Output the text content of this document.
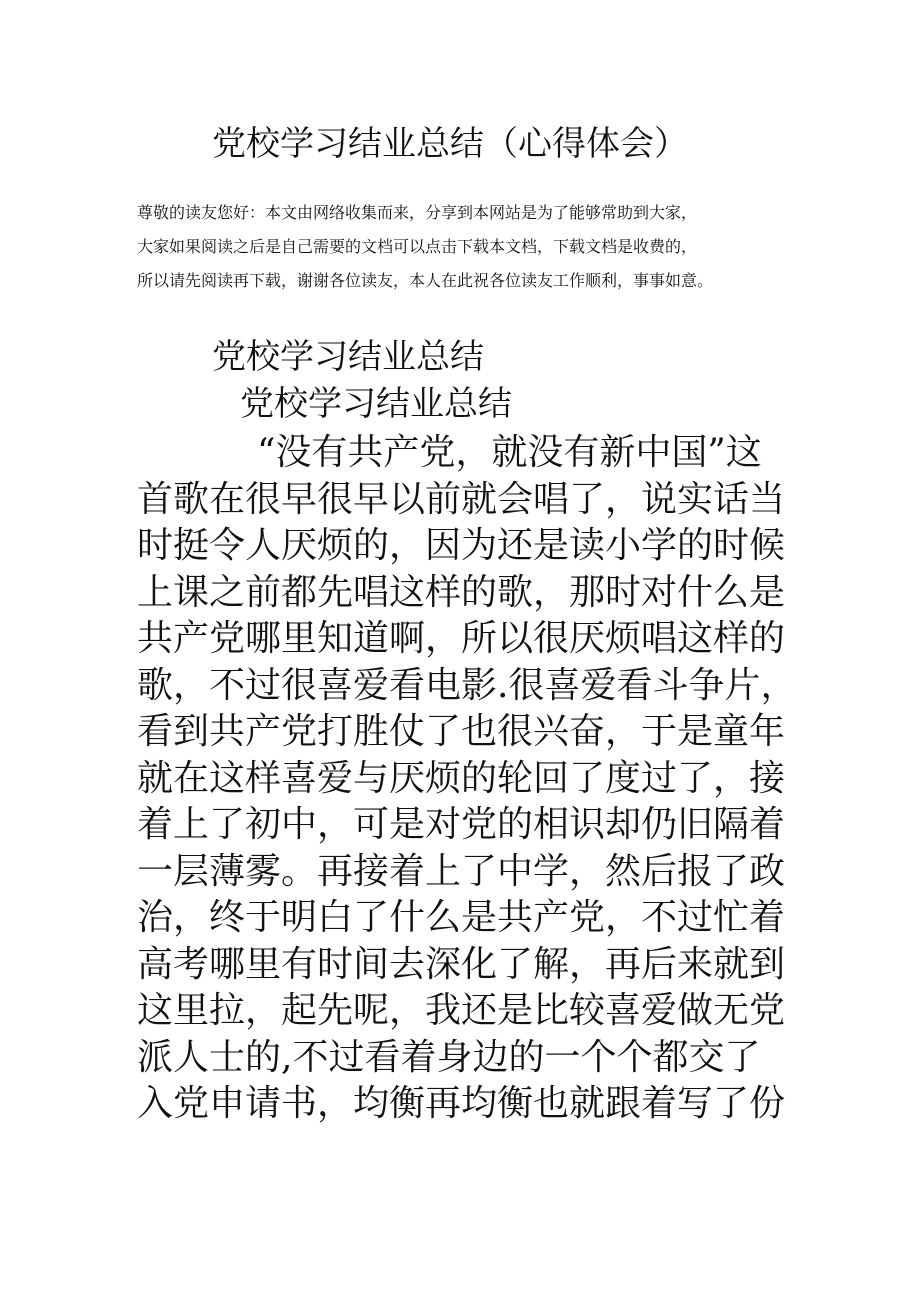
党校学习结业总结（心得体会）
尊敬的读友您好：本文由网络收集而来，分享到本网站是为了能够常助到大家，
大家如果阅读之后是自己需要的文档可以点击下载本文档，下载文档是收费的，
所以请先阅读再下载，谢谢各位读友，本人在此祝各位读友工作顺利，事事如意。
党校学习结业总结
党校学习结业总结
“没有共产党，就没有新中国”这
首歌在很早很早以前就会唱了，说实话当
时挺令人厌烦的，因为还是读小学的时候
上课之前都先唱这样的歌，那时对什么是
共产党哪里知道啊，所以很厌烦唱这样的
歌，不过很喜爱看电影.很喜爱看斗争片，
看到共产党打胜仗了也很兴奋，于是童年
就在这样喜爱与厌烦的轮回了度过了，接
着上了初中，可是对党的相识却仍旧隔着
一层薄雾。再接着上了中学，然后报了政
治，终于明白了什么是共产党，不过忙着
高考哪里有时间去深化了解，再后来就到
这里拉，起先呢，我还是比较喜爱做无党
派人士的,不过看着身边的一个个都交了
入党申请书，均衡再均衡也就跟着写了份
